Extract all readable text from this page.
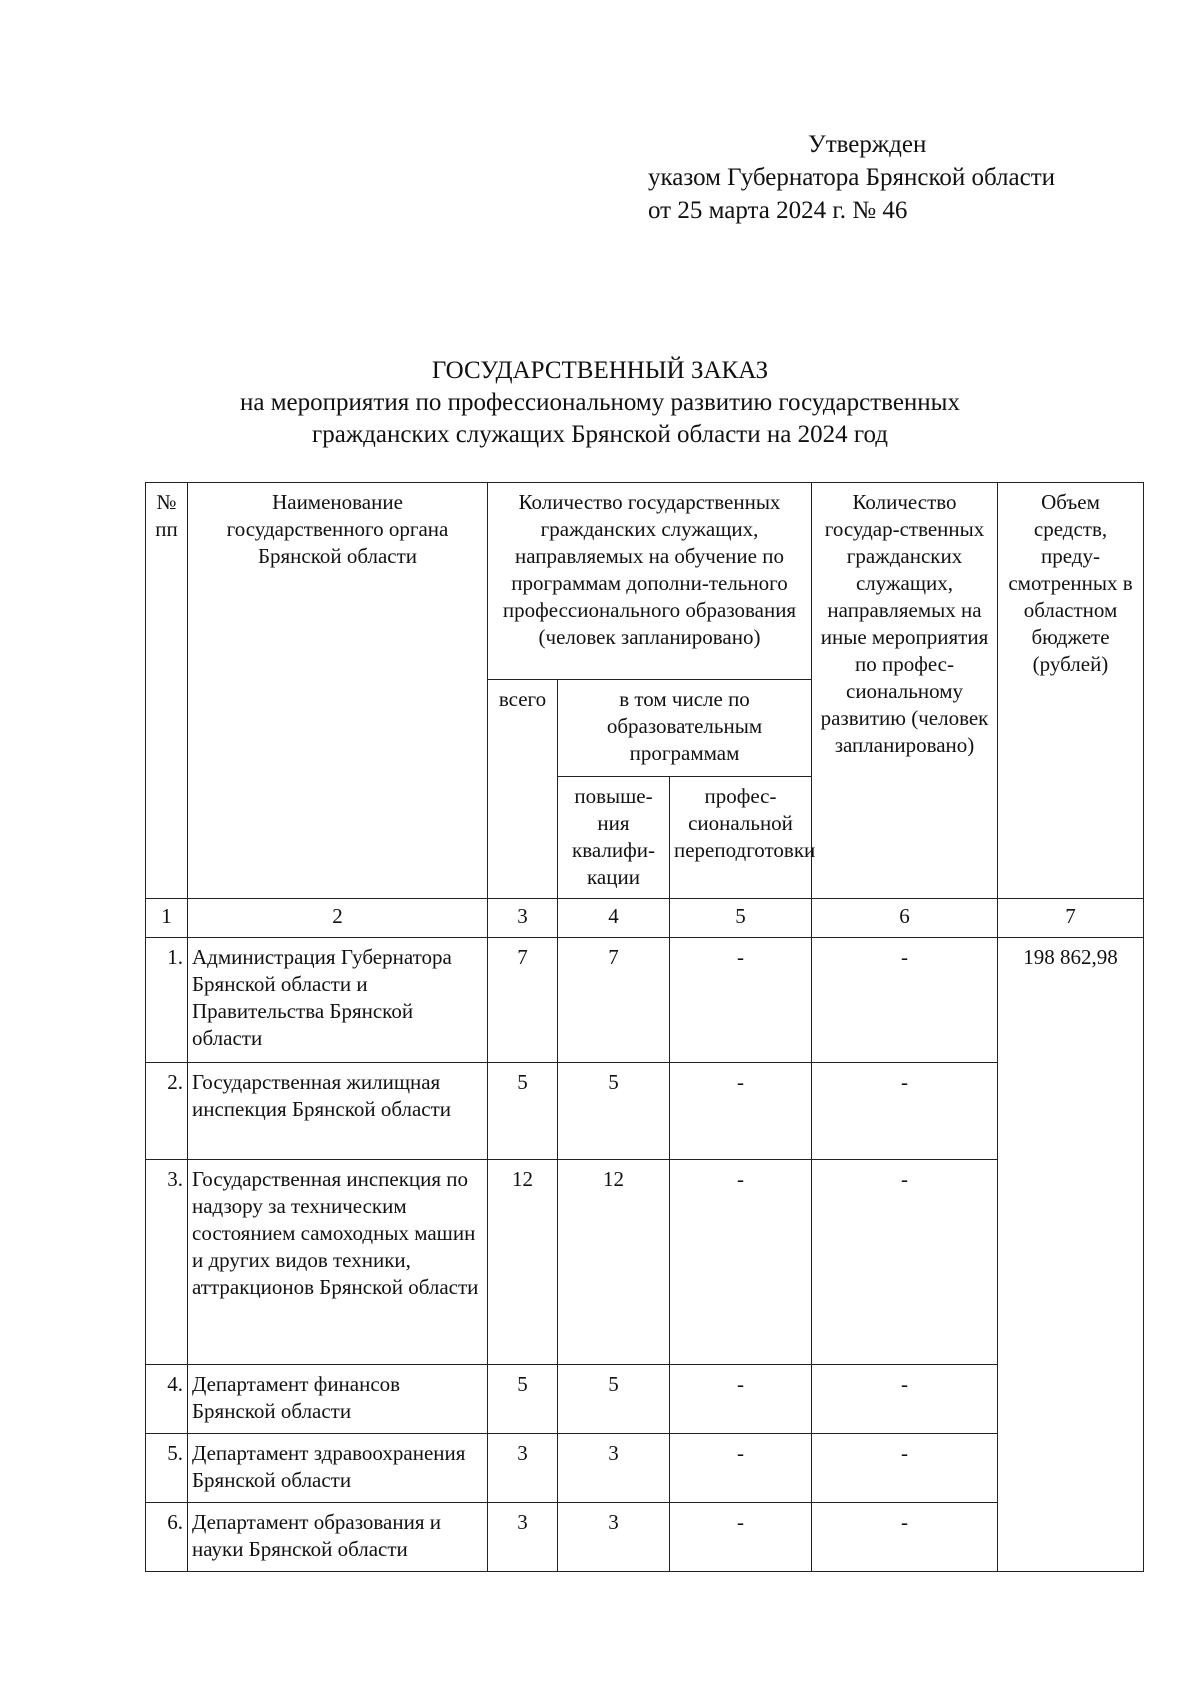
Утвержден
указом Губернатора Брянской области
от 25 марта 2024 г. № 46
ГОСУДАРСТВЕННЫЙ ЗАКАЗ
на мероприятия по профессиональному развитию государственных
гражданских служащих Брянской области на 2024 год
№ пп	Наименование государственного органа Брянской области	Количество государственных гражданских служащих, направляемых на обучение по программам дополни-тельного профессионального образования (человек запланировано)			Количество государ-ственных гражданских служащих, направляемых на иные мероприятия по профес-сиональному развитию (человек запланировано)	Объем средств, преду-смотренных в областном бюджете (рублей)
		всего	в том числе по образовательным программам			
			повыше-ния квалифи-кации	профес-сиональной переподготовки		
1	2	3	4	5	6	7
1.	Администрация Губернатора Брянской области и Правительства Брянской области	7	7	-	-	198 862,98
2.	Государственная жилищная инспекция Брянской области	5	5	-	-	
3.	Государственная инспекция по надзору за техническим состоянием самоходных машин и других видов техники, аттракционов Брянской области	12	12	-	-	
4.	Департамент финансов Брянской области	5	5	-	-	
5.	Департамент здравоохранения Брянской области	3	3	-	-	
6.	Департамент образования и науки Брянской области	3	3	-	-	
